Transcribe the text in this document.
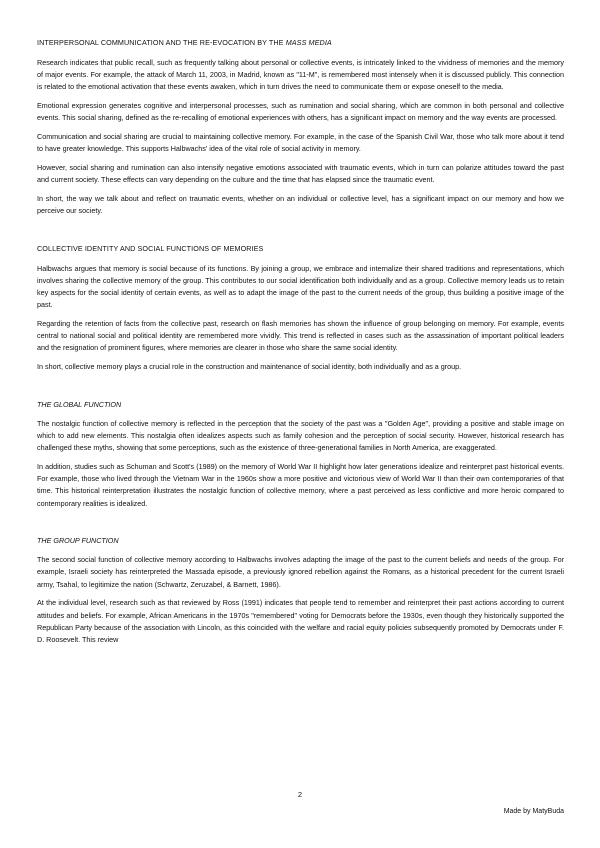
INTERPERSONAL COMMUNICATION AND THE RE-EVOCATION BY THE MASS MEDIA

Research indicates that public recall, such as frequently talking about personal or collective events, is intricately linked to the vividness of memories and the memory of major events. For example, the attack of March 11, 2003, in Madrid, known as "11-M", is remembered most intensely when it is discussed publicly. This connection is related to the emotional activation that these events awaken, which in turn drives the need to communicate them or expose oneself to the media.

Emotional expression generates cognitive and interpersonal processes, such as rumination and social sharing, which are common in both personal and collective events. This social sharing, defined as the re-recalling of emotional experiences with others, has a significant impact on memory and the way events are processed.

Communication and social sharing are crucial to maintaining collective memory. For example, in the case of the Spanish Civil War, those who talk more about it tend to have greater knowledge. This supports Halbwachs' idea of the vital role of social activity in memory.

However, social sharing and rumination can also intensify negative emotions associated with traumatic events, which in turn can polarize attitudes toward the past and current society. These effects can vary depending on the culture and the time that has elapsed since the traumatic event.

In short, the way we talk about and reflect on traumatic events, whether on an individual or collective level, has a significant impact on our memory and how we perceive our society.

COLLECTIVE IDENTITY AND SOCIAL FUNCTIONS OF MEMORIES

Halbwachs argues that memory is social because of its functions. By joining a group, we embrace and internalize their shared traditions and representations, which involves sharing the collective memory of the group. This contributes to our social identification both individually and as a group. Collective memory leads us to retain key aspects for the social identity of certain events, as well as to adapt the image of the past to the current needs of the group, thus building a positive image of the past.

Regarding the retention of facts from the collective past, research on flash memories has shown the influence of group belonging on memory. For example, events central to national social and political identity are remembered more vividly. This trend is reflected in cases such as the assassination of important political leaders and the resignation of prominent figures, where memories are clearer in those who share the same social identity.

In short, collective memory plays a crucial role in the construction and maintenance of social identity, both individually and as a group.

THE GLOBAL FUNCTION

The nostalgic function of collective memory is reflected in the perception that the society of the past was a "Golden Age", providing a positive and stable image on which to add new elements. This nostalgia often idealizes aspects such as family cohesion and the perception of social security. However, historical research has challenged these myths, showing that some perceptions, such as the existence of three-generational families in North America, are exaggerated.

In addition, studies such as Schuman and Scott's (1989) on the memory of World War II highlight how later generations idealize and reinterpret past historical events. For example, those who lived through the Vietnam War in the 1960s show a more positive and victorious view of World War II than their own contemporaries of that time. This historical reinterpretation illustrates the nostalgic function of collective memory, where a past perceived as less conflictive and more heroic compared to contemporary realities is idealized.

THE GROUP FUNCTION

The second social function of collective memory according to Halbwachs involves adapting the image of the past to the current beliefs and needs of the group. For example, Israeli society has reinterpreted the Massada episode, a previously ignored rebellion against the Romans, as a historical precedent for the current Israeli army, Tsahal, to legitimize the nation (Schwartz, Zeruzabel, & Barnett, 1986).

At the individual level, research such as that reviewed by Ross (1991) indicates that people tend to remember and reinterpret their past actions according to current attitudes and beliefs. For example, African Americans in the 1970s "remembered" voting for Democrats before the 1930s, even though they historically supported the Republican Party because of the association with Lincoln, as this coincided with the welfare and racial equity policies subsequently promoted by Democrats under F. D. Roosevelt. This review

2
Made by MatyBuda
